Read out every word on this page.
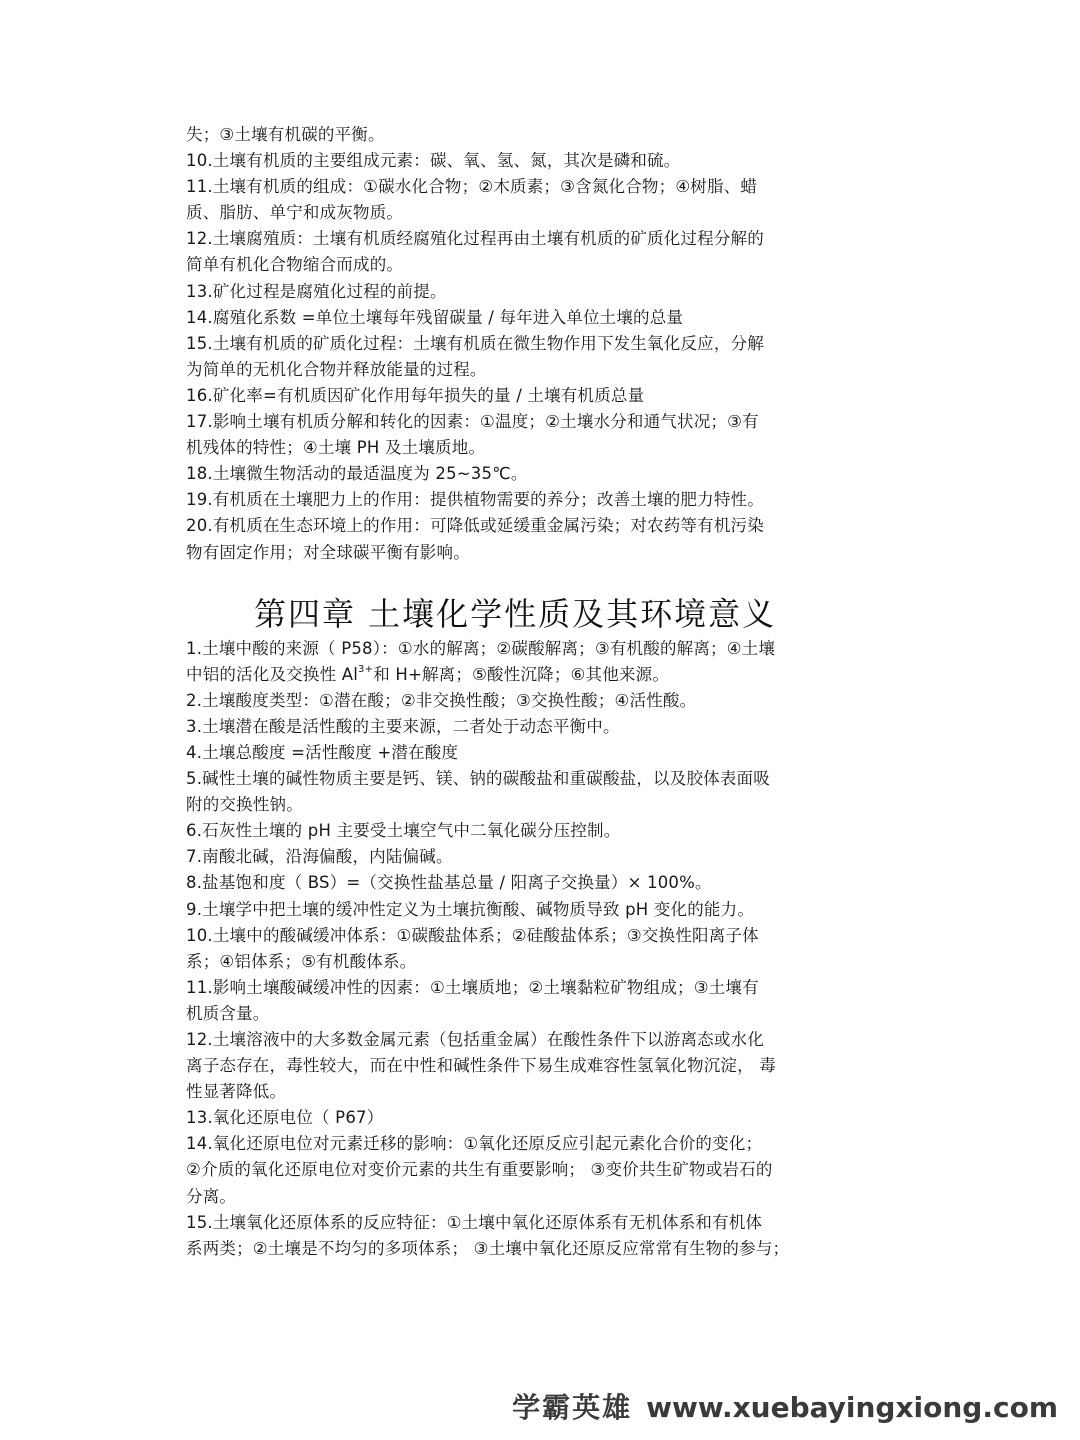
失；③土壤有机碳的平衡。
10.土壤有机质的主要组成元素：碳、氧、氢、氮，其次是磷和硫。
11.土壤有机质的组成：①碳水化合物；②木质素；③含氮化合物；④树脂、蜡
质、脂肪、单宁和成灰物质。
12.土壤腐殖质：土壤有机质经腐殖化过程再由土壤有机质的矿质化过程分解的
简单有机化合物缩合而成的。
13.矿化过程是腐殖化过程的前提。
14.腐殖化系数 =单位土壤每年残留碳量 / 每年进入单位土壤的总量
15.土壤有机质的矿质化过程：土壤有机质在微生物作用下发生氧化反应，分解
为简单的无机化合物并释放能量的过程。
16.矿化率=有机质因矿化作用每年损失的量 / 土壤有机质总量
17.影响土壤有机质分解和转化的因素：①温度；②土壤水分和通气状况；③有
机残体的特性；④土壤 PH 及土壤质地。
18.土壤微生物活动的最适温度为 25~35℃。
19.有机质在土壤肥力上的作用：提供植物需要的养分；改善土壤的肥力特性。
20.有机质在生态环境上的作用：可降低或延缓重金属污染；对农药等有机污染
物有固定作用；对全球碳平衡有影响。
第四章 土壤化学性质及其环境意义
1.土壤中酸的来源（ P58）：①水的解离；②碳酸解离；③有机酸的解离；④土壤
中铝的活化及交换性 $Al^{3+}$和 H+解离；⑤酸性沉降；⑥其他来源。
2.土壤酸度类型：①潜在酸；②非交换性酸；③交换性酸；④活性酸。
3.土壤潜在酸是活性酸的主要来源，二者处于动态平衡中。
4.土壤总酸度 =活性酸度 +潜在酸度
5.碱性土壤的碱性物质主要是钙、镁、钠的碳酸盐和重碳酸盐，以及胶体表面吸
附的交换性钠。
6.石灰性土壤的 pH 主要受土壤空气中二氧化碳分压控制。
7.南酸北碱，沿海偏酸，内陆偏碱。
8.盐基饱和度（ BS）=（交换性盐基总量 / 阳离子交换量）× 100%。
9.土壤学中把土壤的缓冲性定义为土壤抗衡酸、碱物质导致 pH 变化的能力。
10.土壤中的酸碱缓冲体系：①碳酸盐体系；②硅酸盐体系；③交换性阳离子体
系；④铝体系；⑤有机酸体系。
11.影响土壤酸碱缓冲性的因素：①土壤质地；②土壤黏粒矿物组成；③土壤有
机质含量。
12.土壤溶液中的大多数金属元素（包括重金属）在酸性条件下以游离态或水化
离子态存在，毒性较大，而在中性和碱性条件下易生成难容性氢氧化物沉淀， 毒
性显著降低。
13.氧化还原电位（ P67）
14.氧化还原电位对元素迁移的影响：①氧化还原反应引起元素化合价的变化；
②介质的氧化还原电位对变价元素的共生有重要影响； ③变价共生矿物或岩石的
分离。
15.土壤氧化还原体系的反应特征：①土壤中氧化还原体系有无机体系和有机体
系两类；②土壤是不均匀的多项体系； ③土壤中氧化还原反应常常有生物的参与；
学霸英雄 www.xuebayingxiong.com
